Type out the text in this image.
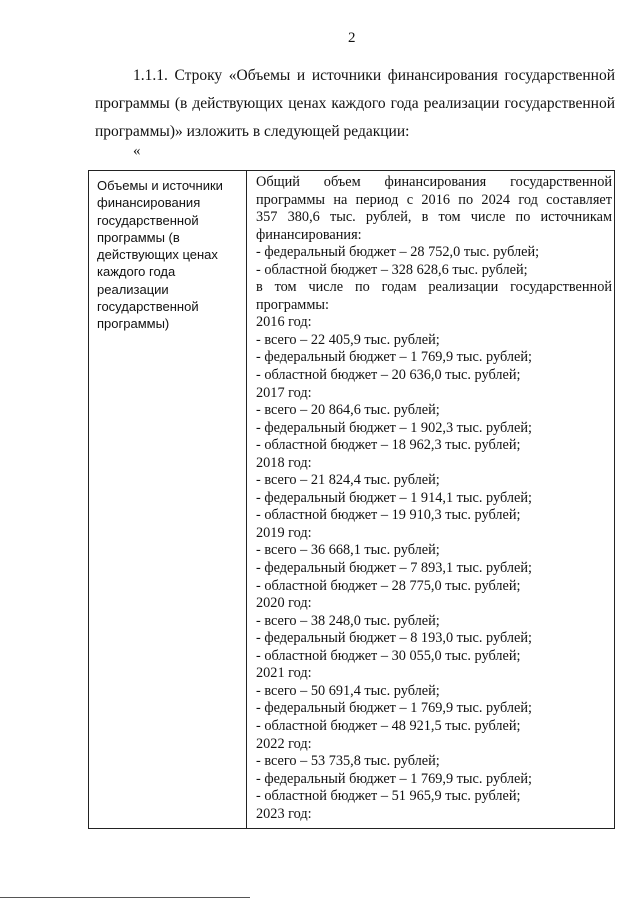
2
1.1.1. Строку «Объемы и источники финансирования государственной
программы (в действующих ценах каждого года реализации государственной
программы)» изложить в следующей редакции:
«
Объемы и источники
финансирования
государственной
программы (в
действующих ценах
каждого года
реализации
государственной
программы)
Общий объем финансирования государственной
программы на период с 2016 по 2024 год составляет
357 380,6 тыс. рублей, в том числе по источникам
финансирования:
- федеральный бюджет – 28 752,0 тыс. рублей;
- областной бюджет – 328 628,6 тыс. рублей;
в том числе по годам реализации государственной
программы:
2016 год:
- всего – 22 405,9 тыс. рублей;
- федеральный бюджет – 1 769,9 тыс. рублей;
- областной бюджет – 20 636,0 тыс. рублей;
2017 год:
- всего – 20 864,6 тыс. рублей;
- федеральный бюджет – 1 902,3 тыс. рублей;
- областной бюджет – 18 962,3 тыс. рублей;
2018 год:
- всего – 21 824,4 тыс. рублей;
- федеральный бюджет – 1 914,1 тыс. рублей;
- областной бюджет – 19 910,3 тыс. рублей;
2019 год:
- всего – 36 668,1 тыс. рублей;
- федеральный бюджет – 7 893,1 тыс. рублей;
- областной бюджет – 28 775,0 тыс. рублей;
2020 год:
- всего – 38 248,0 тыс. рублей;
- федеральный бюджет – 8 193,0 тыс. рублей;
- областной бюджет – 30 055,0 тыс. рублей;
2021 год:
- всего – 50 691,4 тыс. рублей;
- федеральный бюджет – 1 769,9 тыс. рублей;
- областной бюджет – 48 921,5 тыс. рублей;
2022 год:
- всего – 53 735,8 тыс. рублей;
- федеральный бюджет – 1 769,9 тыс. рублей;
- областной бюджет – 51 965,9 тыс. рублей;
2023 год:
